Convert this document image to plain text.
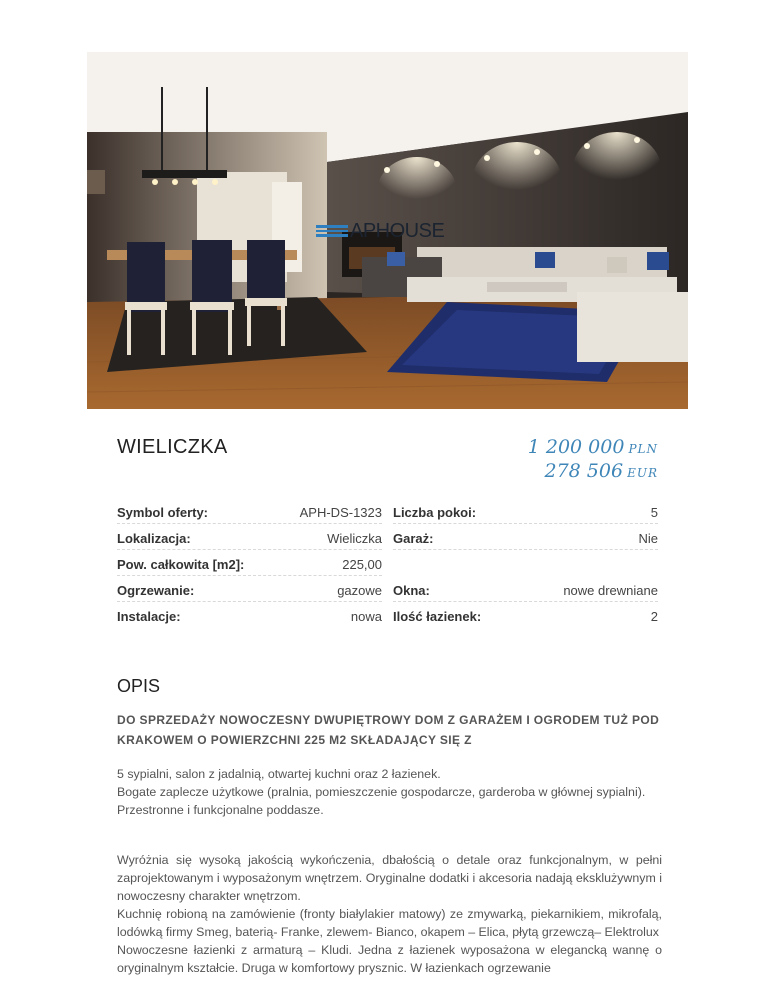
APHOUSE
WIELICZKA	1 200 000 PLN
278 506 EUR
Symbol oferty:	APH-DS-1323 Liczba pokoi:	5
Lokalizacja:	Wieliczka Garaż:	Nie
Pow. całkowita [m2]:	225,00
Ogrzewanie:	gazowe Okna:	nowe drewniane
Instalacje:	nowa Ilość łazienek:	2
OPIS
DO SPRZEDAŻY NOWOCZESNY DWUPIĘTROWY DOM Z GARAŻEM I OGRODEM TUŻ POD KRAKOWEM O POWIERZCHNI 225 M2 SKŁADAJĄCY SIĘ Z
5 sypialni, salon z jadalnią, otwartej kuchni oraz 2 łazienek.
Bogate zaplecze użytkowe (pralnia, pomieszczenie gospodarcze, garderoba w głównej sypialni).
Przestronne i funkcjonalne poddasze.
Wyróżnia się wysoką jakością wykończenia, dbałością o detale oraz funkcjonalnym, w pełni zaprojektowanym i wyposażonym wnętrzem. Oryginalne dodatki i akcesoria nadają eksklużywnym i nowoczesny charakter wnętrzom.
Kuchnię robioną na zamówienie (fronty białylakier matowy) ze zmywarką, piekarnikiem, mikrofalą, lodówką firmy Smeg, baterią- Franke, zlewem- Bianco, okapem – Elica, płytą grzewczą– Elektrolux
Nowoczesne łazienki z armaturą – Kludi. Jedna z łazienek wyposażona w elegancką wannę o oryginalnym kształcie. Druga w komfortowy prysznic. W łazienkach ogrzewanie
